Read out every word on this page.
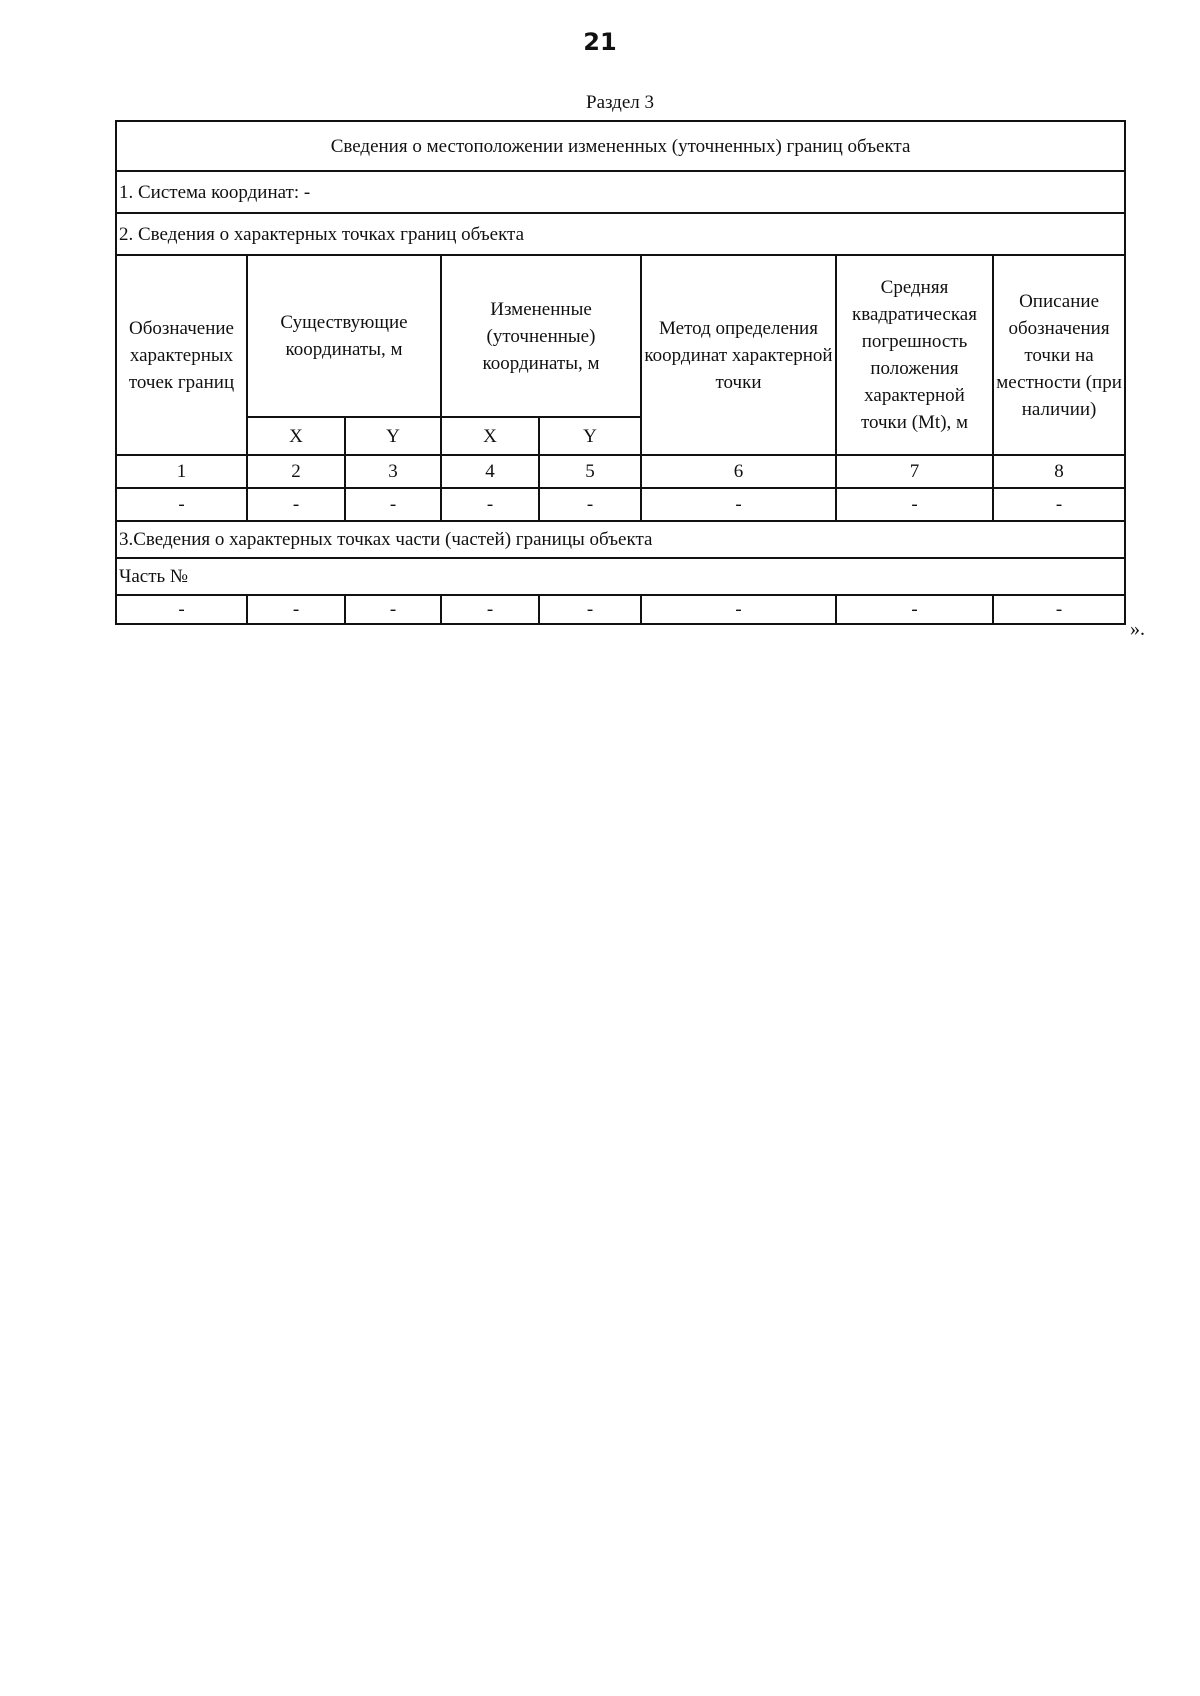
21
Раздел 3
Сведения о местоположении измененных (уточненных) границ объекта							
1. Система координат: -							
2. Сведения о характерных точках границ объекта							
Обозначение характерных точек границ	Существующие координаты, м		Измененные (уточненные) координаты, м		Метод определения координат характерной точки	Средняя квадратическая погрешность положения характерной точки (Mt), м	Описание обозначения точки на местности (при наличии)
	X	Y	X	Y			
1	2	3	4	5	6	7	8
-	-	-	-	-	-	-	-
3.Сведения о характерных точках части (частей) границы объекта							
Часть №							
-	-	-	-	-	-	-	-
».
